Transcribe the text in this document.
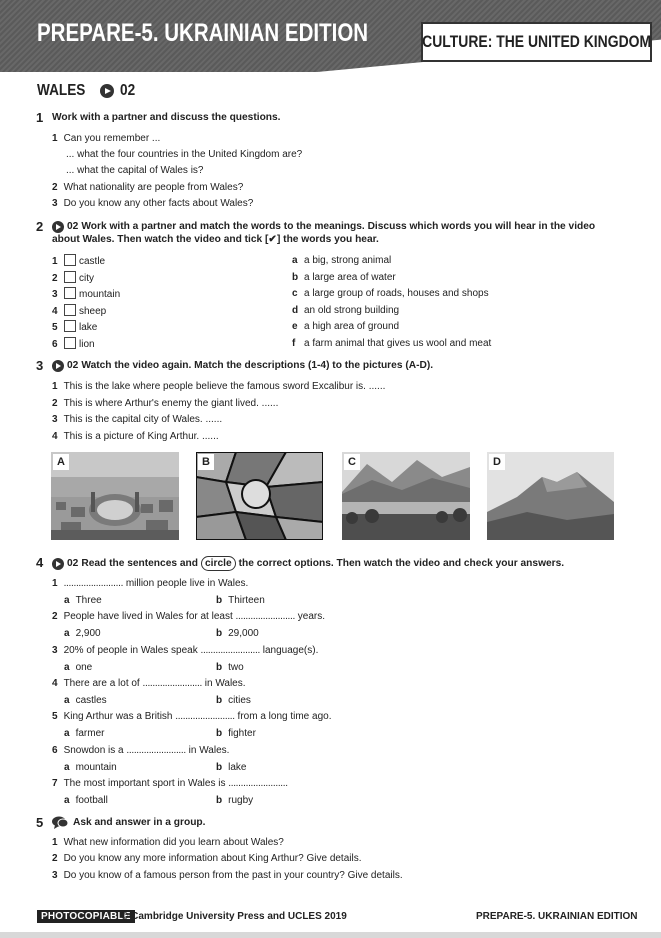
PREPARE-5. UKRAINIAN EDITION	CULTURE: THE UNITED KINGDOM
WALES 02
1 Work with a partner and discuss the questions.
1 Can you remember ...
... what the four countries in the United Kingdom are?
... what the capital of Wales is?
2 What nationality are people from Wales?
3 Do you know any other facts about Wales?
2 02 Work with a partner and match the words to the meanings. Discuss which words you will hear in the video
about Wales. Then watch the video and tick [✔] the words you hear.
1 castle
2 city
3 mountain
4 sheep
5 lake
6 lion
a a big, strong animal
b a large area of water
c a large group of roads, houses and shops
d an old strong building
e a high area of ground
f a farm animal that gives us wool and meat
3 02 Watch the video again. Match the descriptions (1-4) to the pictures (A-D).
1 This is the lake where people believe the famous sword Excalibur is. ......
2 This is where Arthur's enemy the giant lived. ......
3 This is the capital city of Wales. ......
4 This is a picture of King Arthur. ......
A	B	C	D
4 02 Read the sentences and circle the correct options. Then watch the video and check your answers.
1 ........................ million people live in Wales.
a Three	b Thirteen
2 People have lived in Wales for at least ........................ years.
a 2,900	b 29,000
3 20% of people in Wales speak ........................ language(s).
a one	b two
4 There are a lot of ........................ in Wales.
a castles	b cities
5 King Arthur was a British ........................ from a long time ago.
a farmer	b fighter
6 Snowdon is a ........................ in Wales.
a mountain	b lake
7 The most important sport in Wales is ........................
a football	b rugby
5	Ask and answer in a group.
1 What new information did you learn about Wales?
2 Do you know any more information about King Arthur? Give details.
3 Do you know of a famous person from the past in your country? Give details.
PHOTOCOPIABLE
© Cambridge University Press and UCLES 2019	PREPARE-5. UKRAINIAN EDITION
